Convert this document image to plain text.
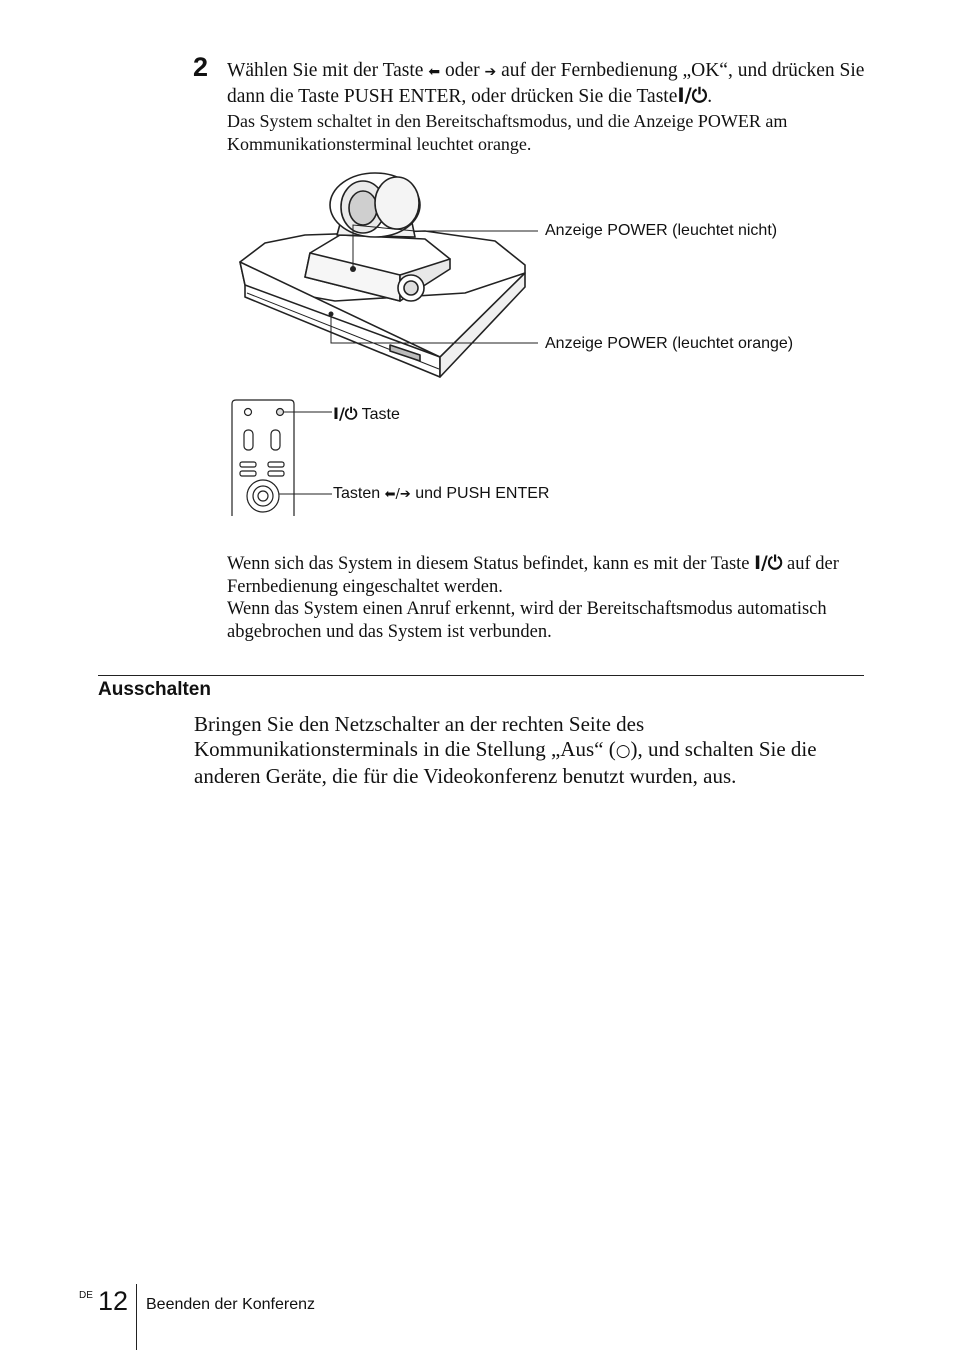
2 Wählen Sie mit der Taste ⬅ oder ➔ auf der Fernbedienung „OK“, und drücken Sie dann die Taste PUSH ENTER, oder drücken Sie die TasteI/⏻.
Das System schaltet in den Bereitschaftsmodus, und die Anzeige POWER am Kommunikationsterminal leuchtet orange.
Anzeige POWER (leuchtet nicht)
Anzeige POWER (leuchtet orange)
I/⏻ Taste
Tasten ⬅/➔ und PUSH ENTER
Wenn sich das System in diesem Status befindet, kann es mit der Taste I/⏻ auf der Fernbedienung eingeschaltet werden.
Wenn das System einen Anruf erkennt, wird der Bereitschaftsmodus automatisch abgebrochen und das System ist verbunden.
Ausschalten
Bringen Sie den Netzschalter an der rechten Seite des Kommunikationsterminals in die Stellung „Aus“ (○), und schalten Sie die anderen Geräte, die für die Videokonferenz benutzt wurden, aus.
DE 12 Beenden der Konferenz
